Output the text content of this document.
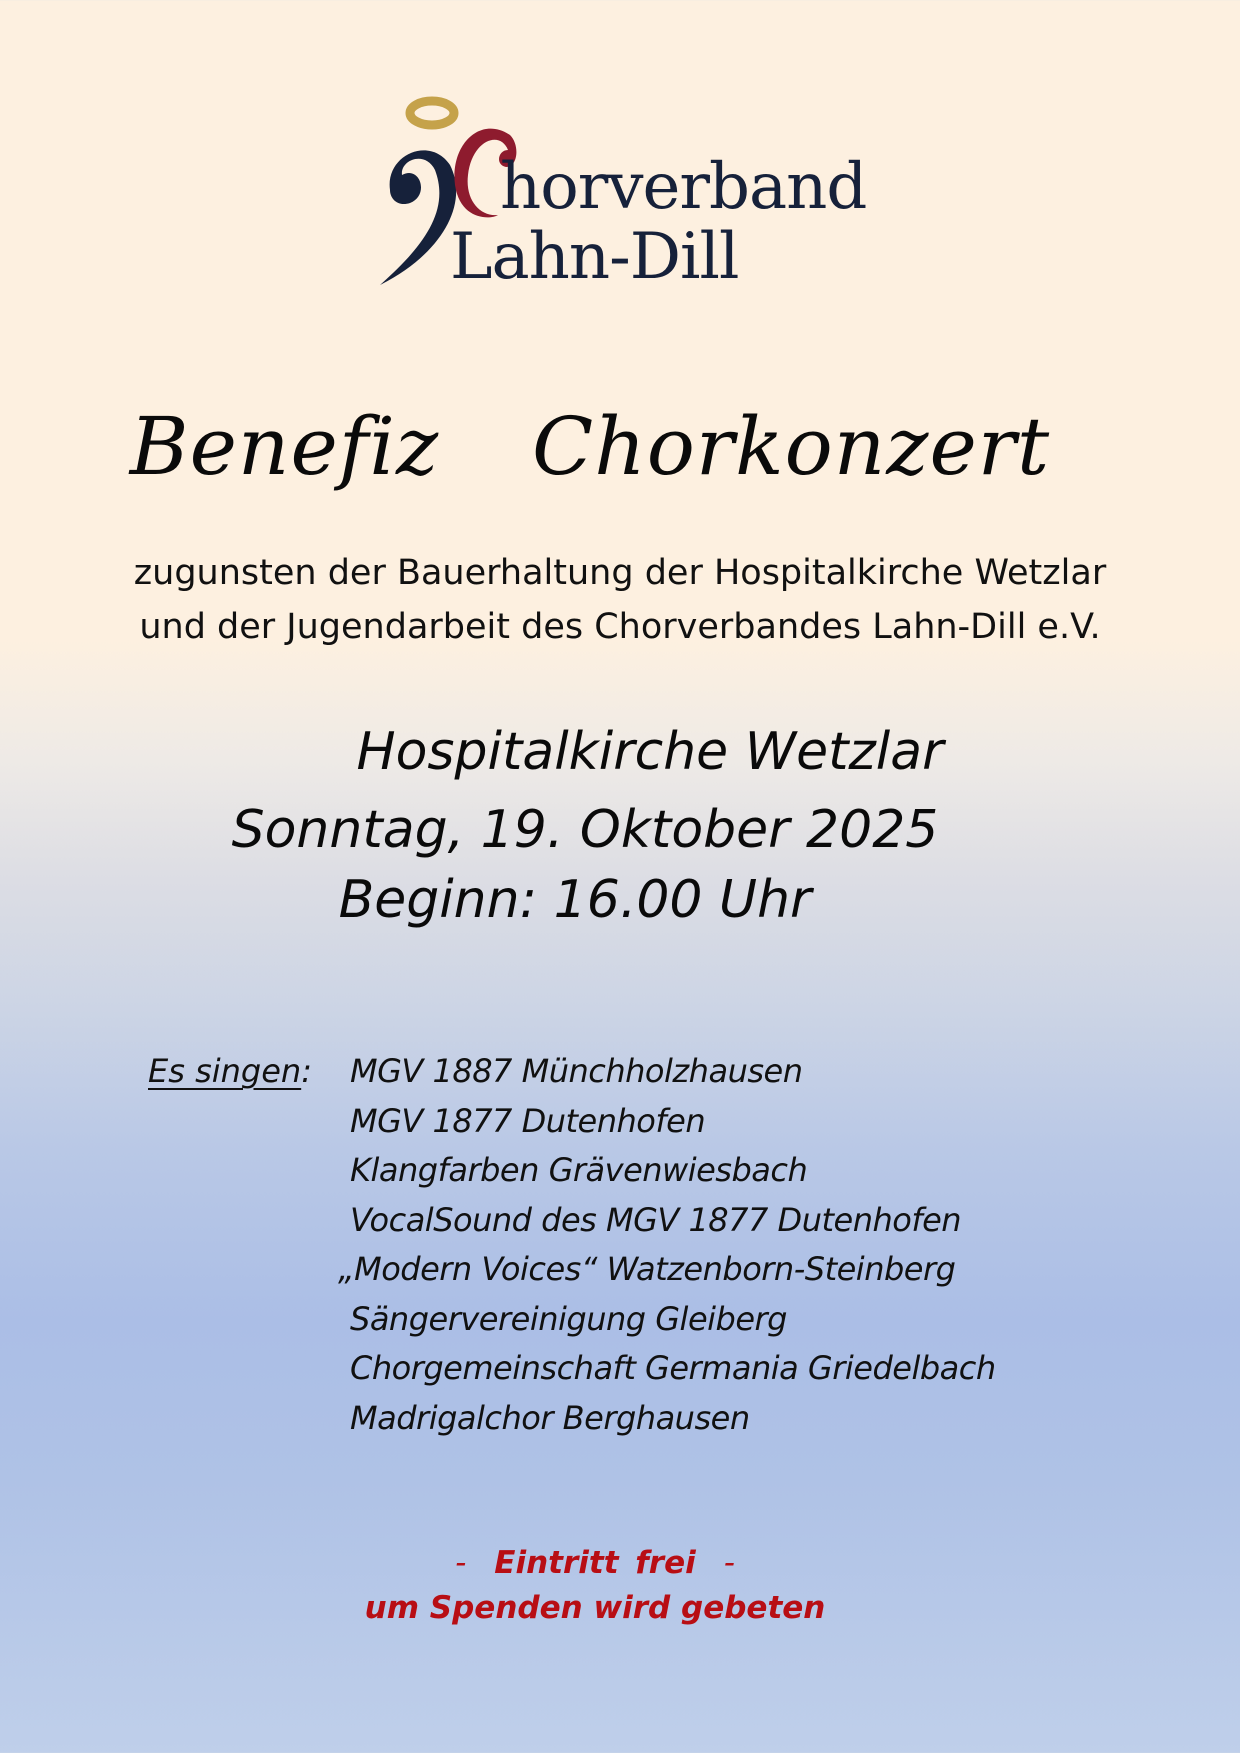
horverband
Lahn-Dill
Benefiz  Chorkonzert
zugunsten der Bauerhaltung der Hospitalkirche Wetzlar
und der Jugendarbeit des Chorverbandes Lahn-Dill e.V.
Hospitalkirche Wetzlar
Sonntag, 19. Oktober 2025
Beginn: 16.00 Uhr
Es singen: MGV 1887 Münchholzhausen
MGV 1877 Dutenhofen
Klangfarben Grävenwiesbach
VocalSound des MGV 1877 Dutenhofen
„Modern Voices“ Watzenborn-Steinberg
Sängervereinigung Gleiberg
Chorgemeinschaft Germania Griedelbach
Madrigalchor Berghausen
- Eintritt frei -
um Spenden wird gebeten
